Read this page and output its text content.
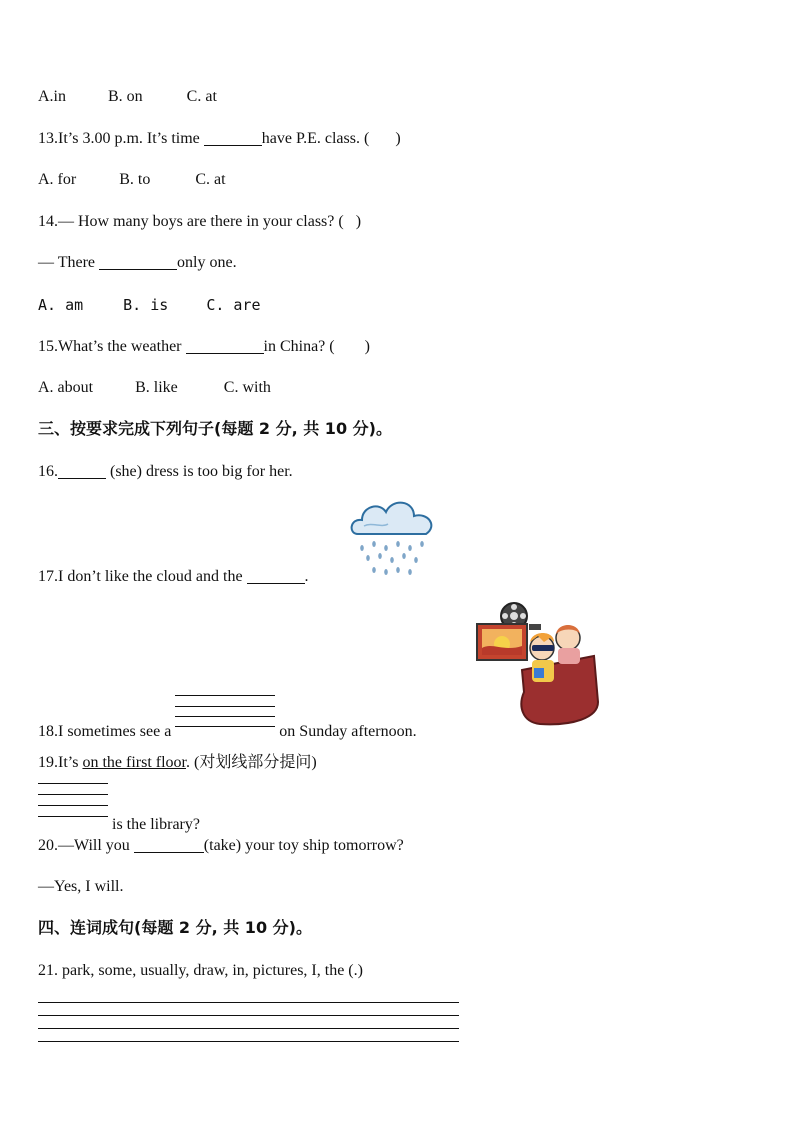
A.in	B. on	C. at
13.It’s 3.00 p.m. It’s time	have P.E. class. ( )
A. for	B. to	C. at
14.— How many boys are there in your class? ( )
— There	only one.
A. am	B. is	C. are
15.What’s the weather	in China? ( )
A. about	B. like	C. with
三、按要求完成下列句子(每题 2 分, 共 10 分)。
16.	(she) dress is too big for her.
17.I don’t like the cloud and the	.
18.I sometimes see a	on Sunday afternoon.
19.It’s on the first floor. (对划线部分提问)
is the library?
20.—Will you	(take) your toy ship tomorrow?
—Yes, I will.
四、连词成句(每题 2 分, 共 10 分)。
21. park, some, usually, draw, in, pictures, I, the (.)
